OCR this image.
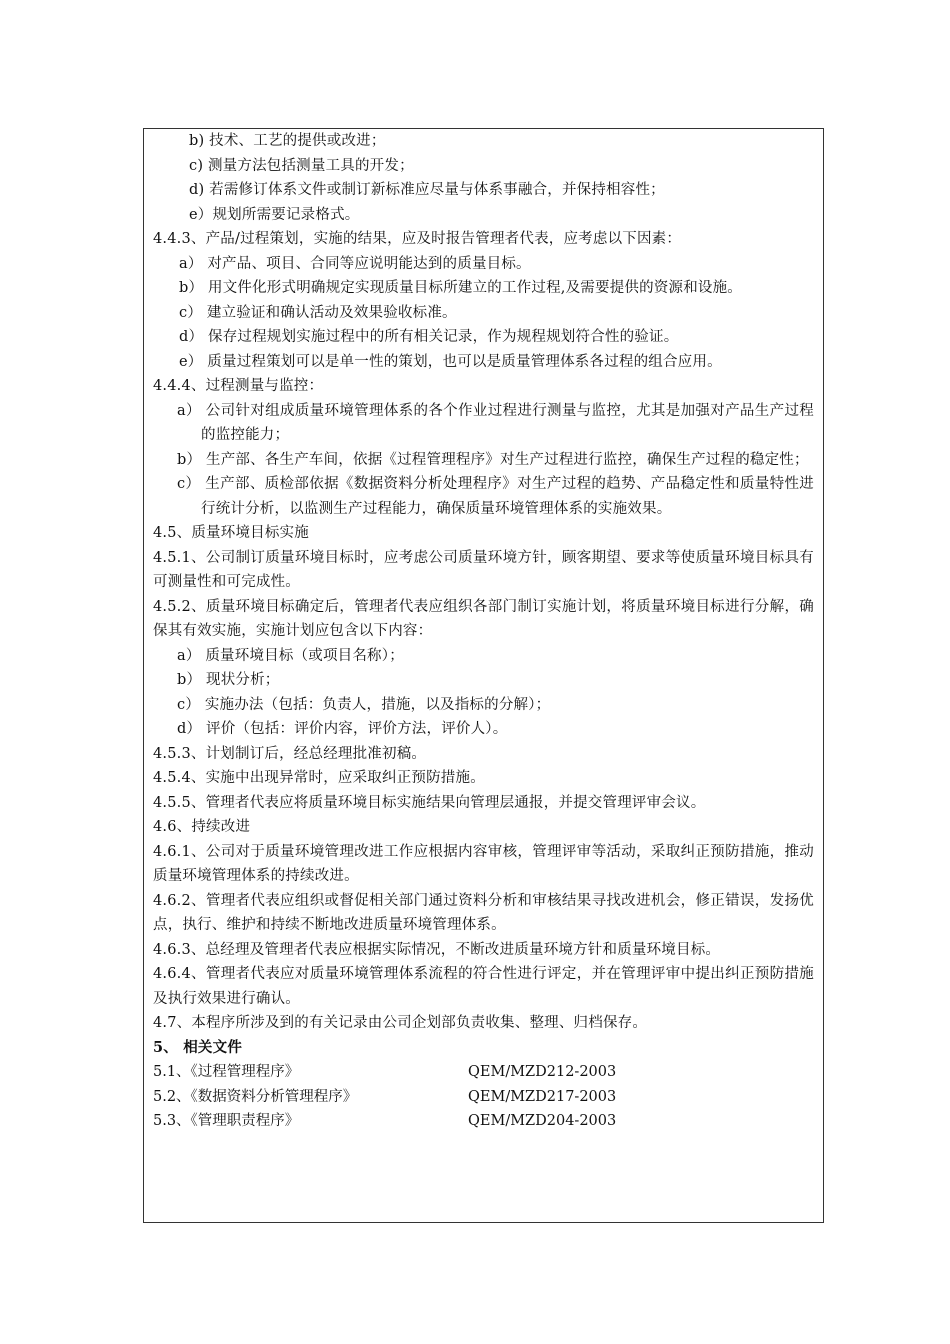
b) 技术、工艺的提供或改进；
c) 测量方法包括测量工具的开发；
d) 若需修订体系文件或制订新标准应尽量与体系事融合，并保持相容性；
e）规划所需要记录格式。
4.4.3、产品/过程策划，实施的结果，应及时报告管理者代表，应考虑以下因素：
a） 对产品、项目、合同等应说明能达到的质量目标。
b） 用文件化形式明确规定实现质量目标所建立的工作过程,及需要提供的资源和设施。
c） 建立验证和确认活动及效果验收标准。
d） 保存过程规划实施过程中的所有相关记录，作为规程规划符合性的验证。
e） 质量过程策划可以是单一性的策划，也可以是质量管理体系各过程的组合应用。
4.4.4、过程测量与监控：
a） 公司针对组成质量环境管理体系的各个作业过程进行测量与监控，尤其是加强对产品生产过程的监控能力；
b） 生产部、各生产车间，依据《过程管理程序》对生产过程进行监控，确保生产过程的稳定性；
c） 生产部、质检部依据《数据资料分析处理程序》对生产过程的趋势、产品稳定性和质量特性进行统计分析，以监测生产过程能力，确保质量环境管理体系的实施效果。
4.5、质量环境目标实施
4.5.1、公司制订质量环境目标时，应考虑公司质量环境方针，顾客期望、要求等使质量环境目标具有可测量性和可完成性。
4.5.2、质量环境目标确定后，管理者代表应组织各部门制订实施计划，将质量环境目标进行分解，确保其有效实施，实施计划应包含以下内容：
a） 质量环境目标（或项目名称）；
b） 现状分析；
c） 实施办法（包括：负责人，措施，以及指标的分解）；
d） 评价（包括：评价内容，评价方法，评价人）。
4.5.3、计划制订后，经总经理批准初稿。
4.5.4、实施中出现异常时，应采取纠正预防措施。
4.5.5、管理者代表应将质量环境目标实施结果向管理层通报，并提交管理评审会议。
4.6、持续改进
4.6.1、公司对于质量环境管理改进工作应根据内容审核，管理评审等活动，采取纠正预防措施，推动质量环境管理体系的持续改进。
4.6.2、管理者代表应组织或督促相关部门通过资料分析和审核结果寻找改进机会，修正错误，发扬优点，执行、维护和持续不断地改进质量环境管理体系。
4.6.3、总经理及管理者代表应根据实际情况，不断改进质量环境方针和质量环境目标。
4.6.4、管理者代表应对质量环境管理体系流程的符合性进行评定，并在管理评审中提出纠正预防措施及执行效果进行确认。
4.7、本程序所涉及到的有关记录由公司企划部负责收集、整理、归档保存。
5、 相关文件
5.1、《过程管理程序》	QEM/MZD212-2003
5.2、《数据资料分析管理程序》	QEM/MZD217-2003
5.3、《管理职责程序》	QEM/MZD204-2003
